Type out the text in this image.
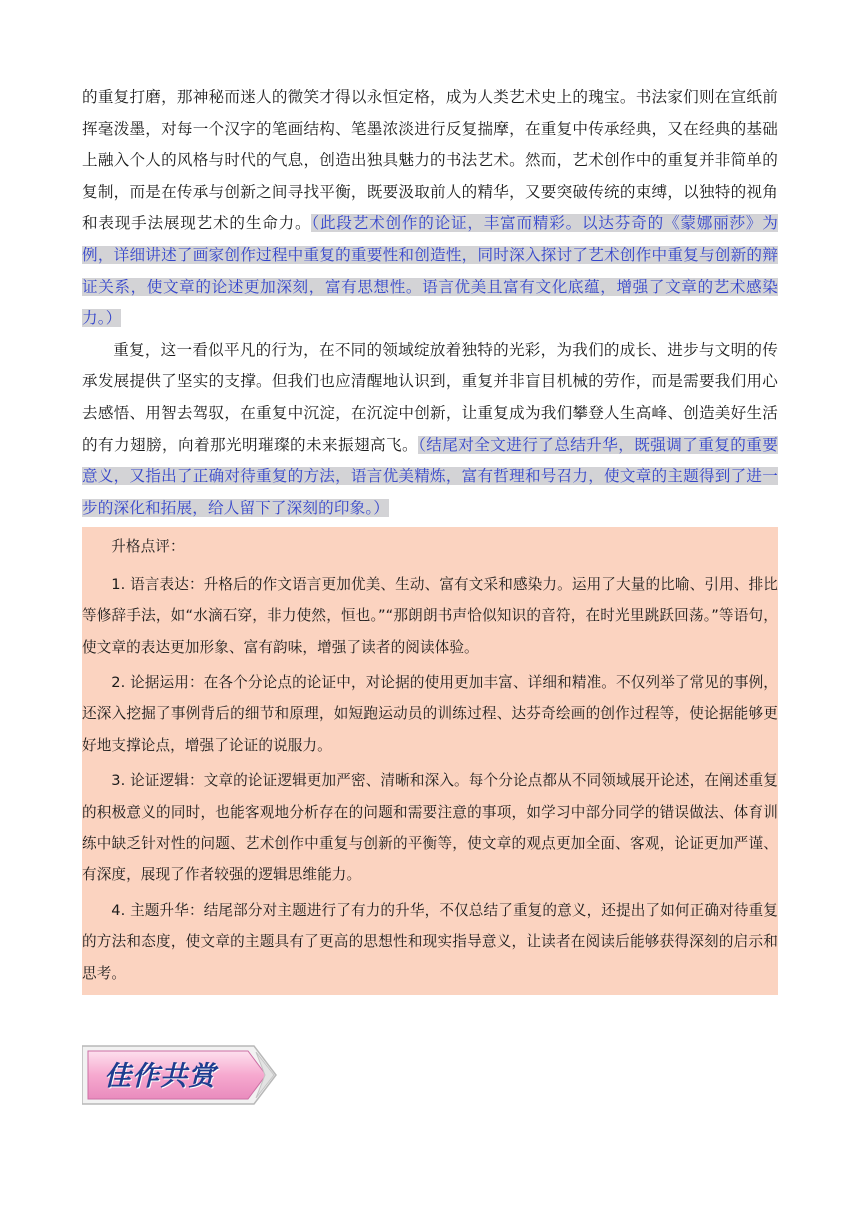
的重复打磨，那神秘而迷人的微笑才得以永恒定格，成为人类艺术史上的瑰宝。书法家们则在宣纸前挥毫泼墨，对每一个汉字的笔画结构、笔墨浓淡进行反复揣摩，在重复中传承经典，又在经典的基础上融入个人的风格与时代的气息，创造出独具魅力的书法艺术。然而，艺术创作中的重复并非简单的复制，而是在传承与创新之间寻找平衡，既要汲取前人的精华，又要突破传统的束缚，以独特的视角和表现手法展现艺术的生命力。（此段艺术创作的论证，丰富而精彩。以达芬奇的《蒙娜丽莎》为例，详细讲述了画家创作过程中重复的重要性和创造性，同时深入探讨了艺术创作中重复与创新的辩证关系，使文章的论述更加深刻，富有思想性。语言优美且富有文化底蕴，增强了文章的艺术感染力。）

重复，这一看似平凡的行为，在不同的领域绽放着独特的光彩，为我们的成长、进步与文明的传承发展提供了坚实的支撑。但我们也应清醒地认识到，重复并非盲目机械的劳作，而是需要我们用心去感悟、用智去驾驭，在重复中沉淀，在沉淀中创新，让重复成为我们攀登人生高峰、创造美好生活的有力翅膀，向着那光明璀璨的未来振翅高飞。（结尾对全文进行了总结升华，既强调了重复的重要意义，又指出了正确对待重复的方法，语言优美精炼，富有哲理和号召力，使文章的主题得到了进一步的深化和拓展，给人留下了深刻的印象。）

升格点评：

1. 语言表达：升格后的作文语言更加优美、生动、富有文采和感染力。运用了大量的比喻、引用、排比等修辞手法，如“水滴石穿，非力使然，恒也。”“那朗朗书声恰似知识的音符，在时光里跳跃回荡。”等语句，使文章的表达更加形象、富有韵味，增强了读者的阅读体验。

2. 论据运用：在各个分论点的论证中，对论据的使用更加丰富、详细和精准。不仅列举了常见的事例，还深入挖掘了事例背后的细节和原理，如短跑运动员的训练过程、达芬奇绘画的创作过程等，使论据能够更好地支撑论点，增强了论证的说服力。

3. 论证逻辑：文章的论证逻辑更加严密、清晰和深入。每个分论点都从不同领域展开论述，在阐述重复的积极意义的同时，也能客观地分析存在的问题和需要注意的事项，如学习中部分同学的错误做法、体育训练中缺乏针对性的问题、艺术创作中重复与创新的平衡等，使文章的观点更加全面、客观，论证更加严谨、有深度，展现了作者较强的逻辑思维能力。

4. 主题升华：结尾部分对主题进行了有力的升华，不仅总结了重复的意义，还提出了如何正确对待重复的方法和态度，使文章的主题具有了更高的思想性和现实指导意义，让读者在阅读后能够获得深刻的启示和思考。

佳作共赏
